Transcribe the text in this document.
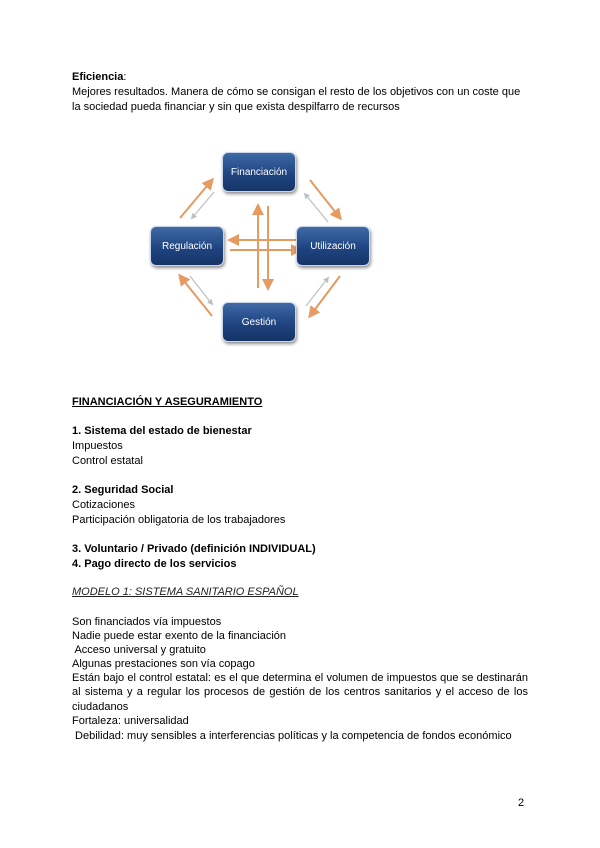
Eficiencia:

Mejores resultados. Manera de cómo se consigan el resto de los objetivos con un coste que

la sociedad pueda financiar y sin que exista despilfarro de recursos

Financiación
Regulación	Utilización
Gestión

FINANCIACIÓN Y ASEGURAMIENTO

1. Sistema del estado de bienestar

Impuestos

Control estatal

2. Seguridad Social

Cotizaciones

Participación obligatoria de los trabajadores

3. Voluntario / Privado (definición INDIVIDUAL)

4. Pago directo de los servicios

MODELO 1: SISTEMA SANITARIO ESPAÑOL

Son financiados vía impuestos

Nadie puede estar exento de la financiación

Acceso universal y gratuito

Algunas prestaciones son vía copago

Están bajo el control estatal: es el que determina el volumen de impuestos que se destinarán al sistema y a regular los procesos de gestión de los centros sanitarios y el acceso de los ciudadanos

Fortaleza: universalidad

Debilidad: muy sensibles a interferencias políticas y la competencia de fondos económico

2
